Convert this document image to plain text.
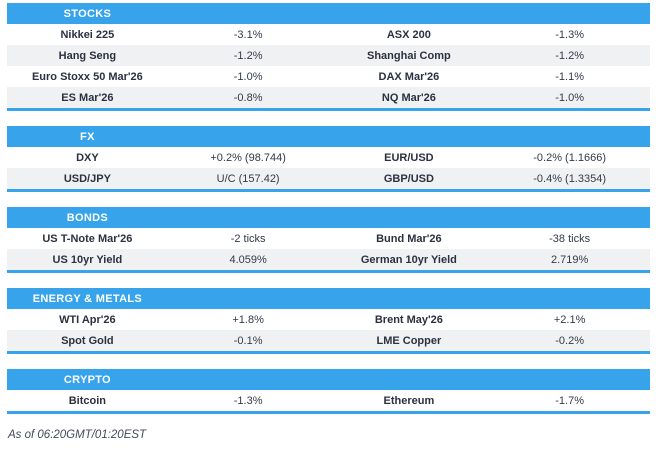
STOCKS
Nikkei 225	-3.1%	ASX 200	-1.3%
Hang Seng	-1.2%	Shanghai Comp	-1.2%
Euro Stoxx 50 Mar'26	-1.0%	DAX Mar'26	-1.1%
ES Mar'26	-0.8%	NQ Mar'26	-1.0%
FX
DXY	+0.2% (98.744)	EUR/USD	-0.2% (1.1666)
USD/JPY	U/C (157.42)	GBP/USD	-0.4% (1.3354)
BONDS
US T-Note Mar'26	-2 ticks	Bund Mar'26	-38 ticks
US 10yr Yield	4.059%	German 10yr Yield	2.719%
ENERGY & METALS
WTI Apr'26	+1.8%	Brent May'26	+2.1%
Spot Gold	-0.1%	LME Copper	-0.2%
CRYPTO
Bitcoin	-1.3%	Ethereum	-1.7%
As of 06:20GMT/01:20EST
